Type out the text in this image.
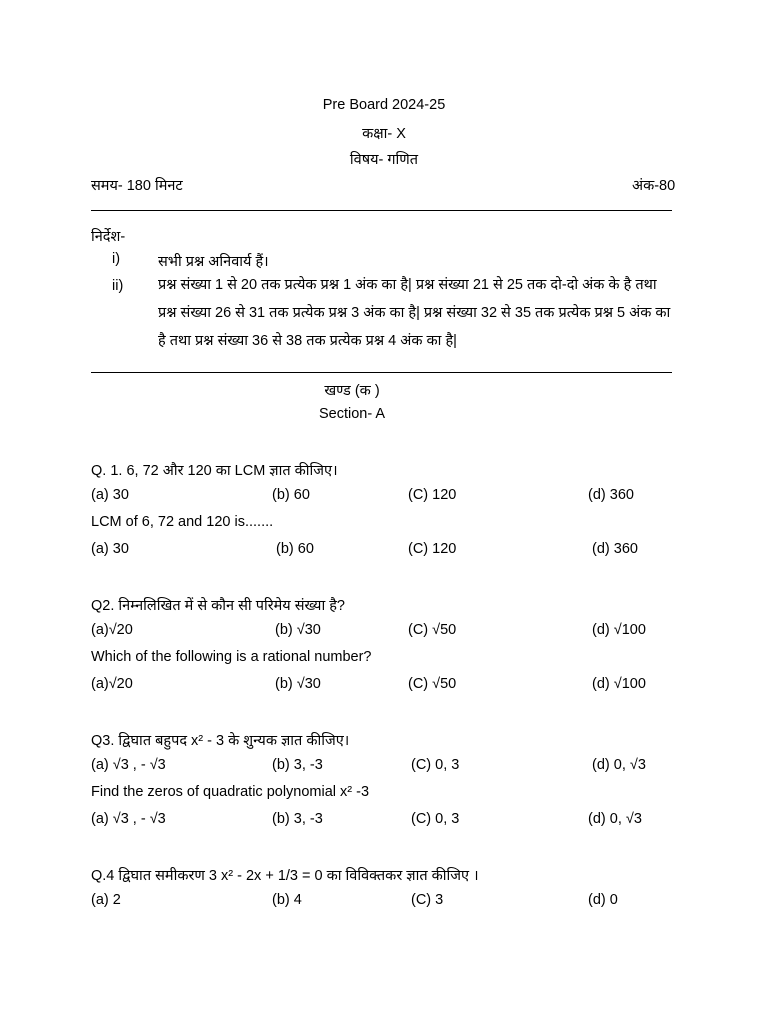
Pre Board 2024-25
कक्षा- X
विषय- गणित
समय- 180 मिनट	अंक-80
निर्देश-
i)	सभी प्रश्न अनिवार्य हैं।
ii) प्रश्न संख्या 1 से 20 तक प्रत्येक प्रश्न 1 अंक का है| प्रश्न संख्या 21 से 25 तक दो-दो अंक के है तथा प्रश्न संख्या 26 से 31 तक प्रत्येक प्रश्न 3 अंक का है| प्रश्न संख्या 32 से 35 तक प्रत्येक प्रश्न 5 अंक का है तथा प्रश्न संख्या 36 से 38 तक प्रत्येक प्रश्न 4 अंक का है|
खण्ड (क )
Section- A
Q. 1. 6, 72 और 120 का LCM ज्ञात कीजिए।
(a) 30	(b) 60	(C) 120	(d) 360
LCM of 6, 72 and 120 is.......
(a) 30	(b) 60	(C) 120	(d) 360
Q2. निम्नलिखित में से कौन सी परिमेय संख्या है?
(a)√20	(b) √30	(C) √50	(d) √100
Which of the following is a rational number?
(a)√20	(b) √30	(C) √50	(d) √100
Q3. द्विघात बहुपद x² - 3 के शुन्यक ज्ञात कीजिए।
(a) √3 , - √3	(b) 3, -3	(C) 0, 3	(d) 0, √3
Find the zeros of quadratic polynomial x² -3
(a) √3 , - √3	(b) 3, -3	(C) 0, 3	(d) 0, √3
Q.4 द्विघात समीकरण 3 x² - 2x + 1/3 = 0 का विविक्तकर ज्ञात कीजिए ।
(a) 2	(b) 4	(C) 3	(d) 0
